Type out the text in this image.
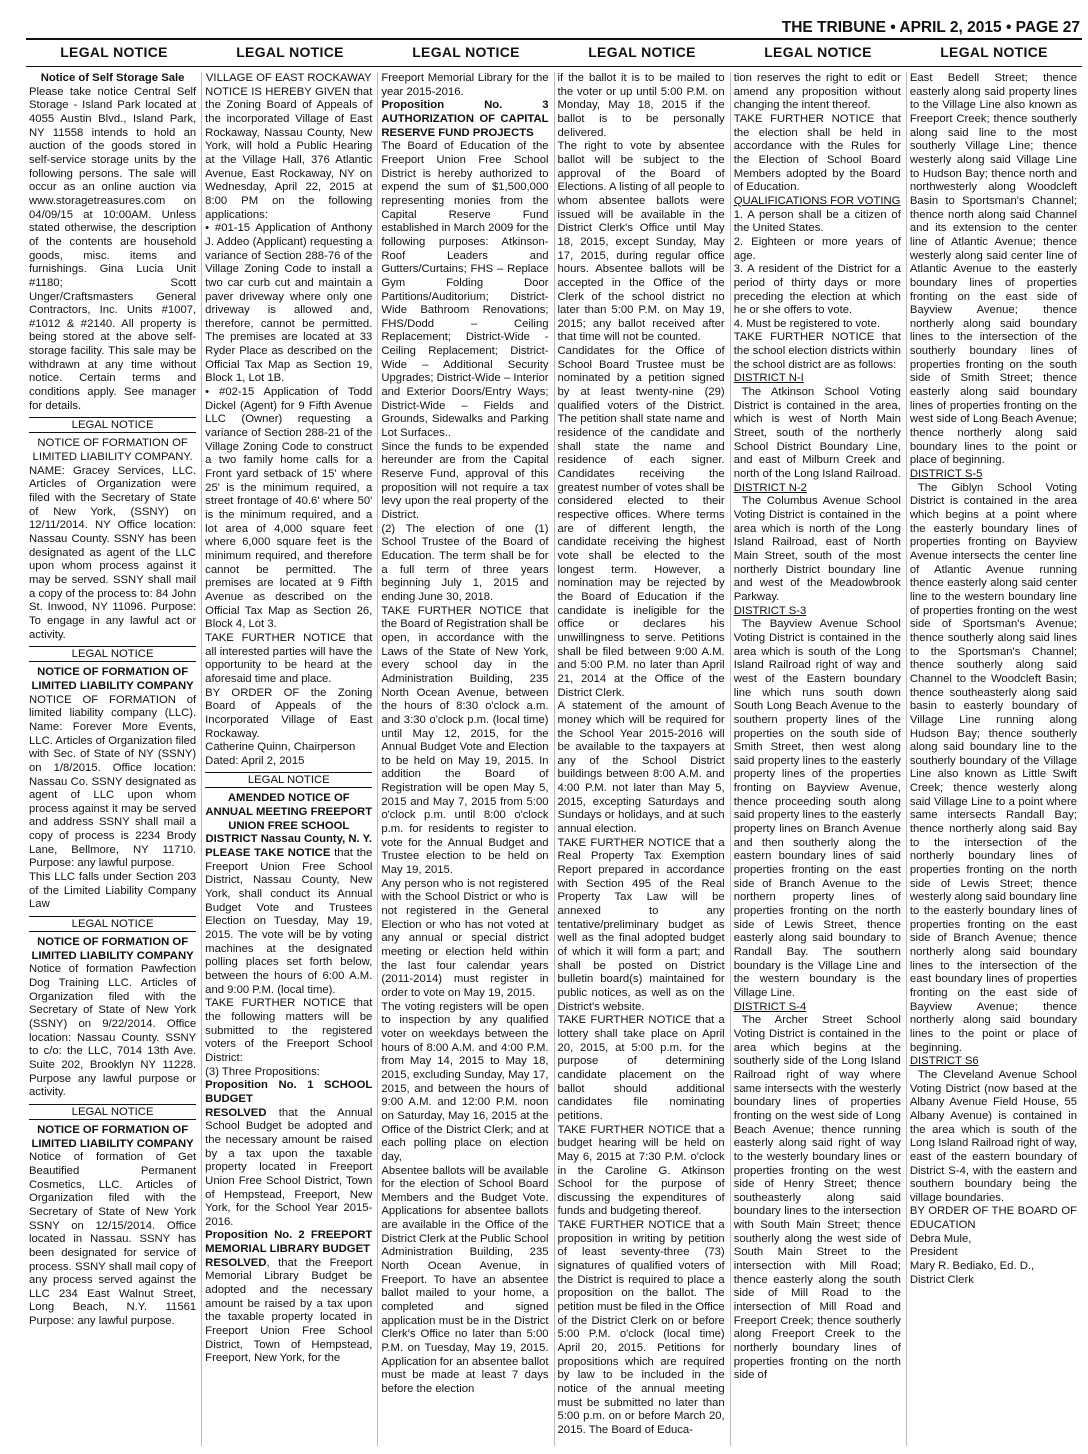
THE TRIBUNE • APRIL 2, 2015 • PAGE 27
LEGAL NOTICE	LEGAL NOTICE	LEGAL NOTICE	LEGAL NOTICE	LEGAL NOTICE	LEGAL NOTICE

Notice of Self Storage Sale

Please take notice Central Self Storage - Island Park located at 4055 Austin Blvd., Island Park, NY 11558 intends to hold an auction of the goods stored in self-service storage units by the following persons. The sale will occur as an online auction via www.storagetreasures.com on 04/09/15 at 10:00AM. Unless stated otherwise, the description of the contents are household goods, misc. items and furnishings. Gina Lucia Unit #1180; Scott Unger/Craftsmasters General Contractors, Inc. Units #1007, #1012 & #2140. All property is being stored at the above self-storage facility. This sale may be withdrawn at any time without notice. Certain terms and conditions apply. See manager for details.

LEGAL NOTICE

NOTICE OF FORMATION OF LIMITED LIABILITY COMPANY.

NAME: Gracey Services, LLC. Articles of Organization were filed with the Secretary of State of New York, (SSNY) on 12/11/2014. NY Office location: Nassau County. SSNY has been designated as agent of the LLC upon whom process against it may be served. SSNY shall mail a copy of the process to: 84 John St. Inwood, NY 11096. Purpose: To engage in any lawful act or activity.

LEGAL NOTICE

NOTICE OF FORMATION OF LIMITED LIABILITY COMPANY

NOTICE OF FORMATION of limited liability company (LLC). Name: Forever More Events, LLC. Articles of Organization filed with Sec. of State of NY (SSNY) on 1/8/2015. Office location: Nassau Co. SSNY designated as agent of LLC upon whom process against it may be served and address SSNY shall mail a copy of process is 2234 Brody Lane, Bellmore, NY 11710. Purpose: any lawful purpose.

This LLC falls under Section 203 of the Limited Liability Company Law

LEGAL NOTICE

NOTICE OF FORMATION OF LIMITED LIABILITY COMPANY

Notice of formation Pawfection Dog Training LLC. Articles of Organization filed with the Secretary of State of New York (SSNY) on 9/22/2014. Office location: Nassau County. SSNY to c/o: the LLC, 7014 13th Ave. Suite 202, Brooklyn NY 11228. Purpose any lawful purpose or activity.

LEGAL NOTICE

NOTICE OF FORMATION OF LIMITED LIABILITY COMPANY

Notice of formation of Get Beautified Permanent Cosmetics, LLC. Articles of Organization filed with the Secretary of State of New York SSNY on 12/15/2014. Office located in Nassau. SSNY has been designated for service of process. SSNY shall mail copy of any process served against the LLC 234 East Walnut Street, Long Beach, N.Y. 11561 Purpose: any lawful purpose.

VILLAGE OF EAST ROCKAWAY

NOTICE IS HEREBY GIVEN that the Zoning Board of Appeals of the incorporated Village of East Rockaway, Nassau County, New York, will hold a Public Hearing at the Village Hall, 376 Atlantic Avenue, East Rockaway, NY on Wednesday, April 22, 2015 at 8:00 PM on the following applications:

• #01-15 Application of Anthony J. Addeo (Applicant) requesting a variance of Section 288-76 of the Village Zoning Code to install a two car curb cut and maintain a paver driveway where only one driveway is allowed and, therefore, cannot be permitted. The premises are located at 33 Ryder Place as described on the Official Tax Map as Section 19, Block 1, Lot 1B.

• #02-15 Application of Todd Dickel (Agent) for 9 Fifth Avenue LLC (Owner) requesting a variance of Section 288-21 of the Village Zoning Code to construct a two family home calls for a Front yard setback of 15' where 25' is the minimum required, a street frontage of 40.6' where 50' is the minimum required, and a lot area of 4,000 square feet where 6,000 square feet is the minimum required, and therefore cannot be permitted. The premises are located at 9 Fifth Avenue as described on the Official Tax Map as Section 26, Block 4, Lot 3.

TAKE FURTHER NOTICE that all interested parties will have the opportunity to be heard at the aforesaid time and place.

BY ORDER OF the Zoning Board of Appeals of the Incorporated Village of East Rockaway.

Catherine Quinn, Chairperson

Dated: April 2, 2015

LEGAL NOTICE

AMENDED NOTICE OF ANNUAL MEETING FREEPORT UNION FREE SCHOOL DISTRICT Nassau County, N. Y.

PLEASE TAKE NOTICE that the Freeport Union Free School District, Nassau County, New York, shall conduct its Annual Budget Vote and Trustees Election on Tuesday, May 19, 2015. The vote will be by voting machines at the designated polling places set forth below, between the hours of 6:00 A.M. and 9:00 P.M. (local time).

TAKE FURTHER NOTICE that the following matters will be submitted to the registered voters of the Freeport School District:

(3) Three Propositions:

Proposition No. 1 SCHOOL BUDGET

RESOLVED that the Annual School Budget be adopted and the necessary amount be raised by a tax upon the taxable property located in Freeport Union Free School District, Town of Hempstead, Freeport, New York, for the School Year 2015-2016.

Proposition No. 2 FREEPORT MEMORIAL LIBRARY BUDGET

RESOLVED, that the Freeport Memorial Library Budget be adopted and the necessary amount be raised by a tax upon the taxable property located in Freeport Union Free School District, Town of Hempstead, Freeport, New York, for the

Freeport Memorial Library for the year 2015-2016.

Proposition No. 3 AUTHORIZATION OF CAPITAL RESERVE FUND PROJECTS

The Board of Education of the Freeport Union Free School District is hereby authorized to expend the sum of $1,500,000 representing monies from the Capital Reserve Fund established in March 2009 for the following purposes: Atkinson-Roof Leaders and Gutters/Curtains; FHS – Replace Gym Folding Door Partitions/Auditorium; District-Wide Bathroom Renovations; FHS/Dodd – Ceiling Replacement; District-Wide - Ceiling Replacement; District-Wide – Additional Security Upgrades; District-Wide – Interior and Exterior Doors/Entry Ways; District-Wide – Fields and Grounds, Sidewalks and Parking Lot Surfaces..

Since the funds to be expended hereunder are from the Capital Reserve Fund, approval of this proposition will not require a tax levy upon the real property of the District.

(2) The election of one (1) School Trustee of the Board of Education. The term shall be for a full term of three years beginning July 1, 2015 and ending June 30, 2018.

TAKE FURTHER NOTICE that the Board of Registration shall be open, in accordance with the Laws of the State of New York, every school day in the Administration Building, 235 North Ocean Avenue, between the hours of 8:30 o'clock a.m. and 3:30 o'clock p.m. (local time) until May 12, 2015, for the Annual Budget Vote and Election to be held on May 19, 2015. In addition the Board of Registration will be open May 5, 2015 and May 7, 2015 from 5:00 o'clock p.m. until 8:00 o'clock p.m. for residents to register to vote for the Annual Budget and Trustee election to be held on May 19, 2015.

Any person who is not registered with the School District or who is not registered in the General Election or who has not voted at any annual or special district meeting or election held within the last four calendar years (2011-2014) must register in order to vote on May 19, 2015.

The voting registers will be open to inspection by any qualified voter on weekdays between the hours of 8:00 A.M. and 4:00 P.M. from May 14, 2015 to May 18, 2015, excluding Sunday, May 17, 2015, and between the hours of 9:00 A.M. and 12:00 P.M. noon on Saturday, May 16, 2015 at the Office of the District Clerk; and at each polling place on election day,

Absentee ballots will be available for the election of School Board Members and the Budget Vote. Applications for absentee ballots are available in the Office of the District Clerk at the Public School Administration Building, 235 North Ocean Avenue, in Freeport. To have an absentee ballot mailed to your home, a completed and signed application must be in the District Clerk's Office no later than 5:00 P.M. on Tuesday, May 19, 2015. Application for an absentee ballot must be made at least 7 days before the election

if the ballot it is to be mailed to the voter or up until 5:00 P.M. on Monday, May 18, 2015 if the ballot is to be personally delivered.

The right to vote by absentee ballot will be subject to the approval of the Board of Elections. A listing of all people to whom absentee ballots were issued will be available in the District Clerk's Office until May 18, 2015, except Sunday, May 17, 2015, during regular office hours. Absentee ballots will be accepted in the Office of the Clerk of the school district no later than 5:00 P.M. on May 19, 2015; any ballot received after that time will not be counted.

Candidates for the Office of School Board Trustee must be nominated by a petition signed by at least twenty-nine (29) qualified voters of the District. The petition shall state name and residence of the candidate and shall state the name and residence of each signer. Candidates receiving the greatest number of votes shall be considered elected to their respective offices. Where terms are of different length, the candidate receiving the highest vote shall be elected to the longest term. However, a nomination may be rejected by the Board of Education if the candidate is ineligible for the office or declares his unwillingness to serve. Petitions shall be filed between 9:00 A.M. and 5:00 P.M. no later than April 21, 2014 at the Office of the District Clerk.

A statement of the amount of money which will be required for the School Year 2015-2016 will be available to the taxpayers at any of the School District buildings between 8:00 A.M. and 4:00 P.M. not later than May 5, 2015, excepting Saturdays and Sundays or holidays, and at such annual election.

TAKE FURTHER NOTICE that a Real Property Tax Exemption Report prepared in accordance with Section 495 of the Real Property Tax Law will be annexed to any tentative/preliminary budget as well as the final adopted budget of which it will form a part; and shall be posted on District bulletin board(s) maintained for public notices, as well as on the District's website.

TAKE FURTHER NOTICE that a lottery shall take place on April 20, 2015, at 5:00 p.m. for the purpose of determining candidate placement on the ballot should additional candidates file nominating petitions.

TAKE FURTHER NOTICE that a budget hearing will be held on May 6, 2015 at 7:30 P.M. o'clock in the Caroline G. Atkinson School for the purpose of discussing the expenditures of funds and budgeting thereof.

TAKE FURTHER NOTICE that a proposition in writing by petition of least seventy-three (73) signatures of qualified voters of the District is required to place a proposition on the ballot. The petition must be filed in the Office of the District Clerk on or before 5:00 P.M. o'clock (local time) April 20, 2015. Petitions for propositions which are required by law to be included in the notice of the annual meeting must be submitted no later than 5:00 p.m. on or before March 20, 2015. The Board of Educa-

tion reserves the right to edit or amend any proposition without changing the intent thereof.

TAKE FURTHER NOTICE that the election shall be held in accordance with the Rules for the Election of School Board Members adopted by the Board of Education.

QUALIFICATIONS FOR VOTING

1. A person shall be a citizen of the United States.

2. Eighteen or more years of age.

3. A resident of the District for a period of thirty days or more preceding the election at which he or she offers to vote.

4. Must be registered to vote.

TAKE FURTHER NOTICE that the school election districts within the school district are as follows:

DISTRICT N-I

The Atkinson School Voting District is contained in the area, which is west of North Main Street, south of the northerly School District Boundary Line, and east of Milburn Creek and north of the Long Island Railroad.

DISTRICT N-2

The Columbus Avenue School Voting District is contained in the area which is north of the Long Island Railroad, east of North Main Street, south of the most northerly District boundary line and west of the Meadowbrook Parkway.

DISTRICT S-3

The Bayview Avenue School Voting District is contained in the area which is south of the Long Island Railroad right of way and west of the Eastern boundary line which runs south down South Long Beach Avenue to the southern property lines of the properties on the south side of Smith Street, then west along said property lines to the easterly property lines of the properties fronting on Bayview Avenue, thence proceeding south along said property lines to the easterly property lines on Branch Avenue and then southerly along the eastern boundary lines of said properties fronting on the east side of Branch Avenue to the northern property lines of properties fronting on the north side of Lewis Street, thence easterly along said boundary to Randall Bay. The southern boundary is the Village Line and the western boundary is the Village Line.

DISTRICT S-4

The Archer Street School Voting District is contained in the area which begins at the southerly side of the Long Island Railroad right of way where same intersects with the westerly boundary lines of properties fronting on the west side of Long Beach Avenue; thence running easterly along said right of way to the westerly boundary lines or properties fronting on the west side of Henry Street; thence southeasterly along said boundary lines to the intersection with South Main Street; thence southerly along the west side of South Main Street to the intersection with Mill Road; thence easterly along the south side of Mill Road to the intersection of Mill Road and Freeport Creek; thence southerly along Freeport Creek to the northerly boundary lines of properties fronting on the north side of

East Bedell Street; thence easterly along said property lines to the Village Line also known as Freeport Creek; thence southerly along said line to the most southerly Village Line; thence westerly along said Village Line to Hudson Bay; thence north and northwesterly along Woodcleft Basin to Sportsman's Channel; thence north along said Channel and its extension to the center line of Atlantic Avenue; thence westerly along said center line of Atlantic Avenue to the easterly boundary lines of properties fronting on the east side of Bayview Avenue; thence northerly along said boundary lines to the intersection of the southerly boundary lines of properties fronting on the south side of Smith Street; thence easterly along said boundary lines of properties fronting on the west side of Long Beach Avenue; thence northerly along said boundary lines to the point or place of beginning.

DISTRICT S-5

The Giblyn School Voting District is contained in the area which begins at a point where the easterly boundary lines of properties fronting on Bayview Avenue intersects the center line of Atlantic Avenue running thence easterly along said center line to the western boundary line of properties fronting on the west side of Sportsman's Avenue; thence southerly along said lines to the Sportsman's Channel; thence southerly along said Channel to the Woodcleft Basin; thence southeasterly along said basin to easterly boundary of Village Line running along Hudson Bay; thence southerly along said boundary line to the southerly boundary of the Village Line also known as Little Swift Creek; thence westerly along said Village Line to a point where same intersects Randall Bay; thence northerly along said Bay to the intersection of the northerly boundary lines of properties fronting on the north side of Lewis Street; thence westerly along said boundary line to the easterly boundary lines of properties fronting on the east side of Branch Avenue; thence northerly along said boundary lines to the intersection of the east boundary lines of properties fronting on the east side of Bayview Avenue; thence northerly along said boundary lines to the point or place of beginning.

DISTRICT S6

The Cleveland Avenue School Voting District (now based at the Albany Avenue Field House, 55 Albany Avenue) is contained in the area which is south of the Long Island Railroad right of way, east of the eastern boundary of District S-4, with the eastern and southern boundary being the village boundaries.

BY ORDER OF THE BOARD OF EDUCATION

Debra Mule,

President

Mary R. Bediako, Ed. D.,

District Clerk
